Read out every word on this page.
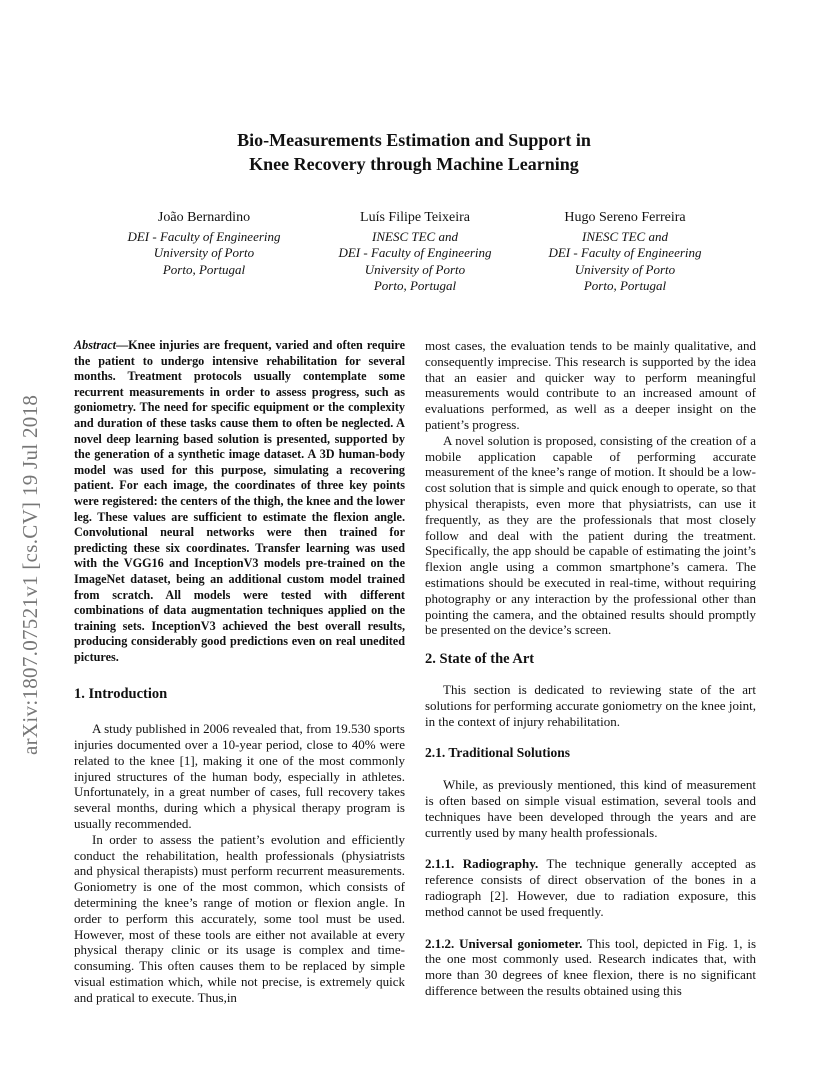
arXiv:1807.07521v1 [cs.CV] 19 Jul 2018
Bio-Measurements Estimation and Support in
Knee Recovery through Machine Learning
João Bernardino
DEI - Faculty of Engineering
University of Porto
Porto, Portugal
Luís Filipe Teixeira
INESC TEC and
DEI - Faculty of Engineering
University of Porto
Porto, Portugal
Hugo Sereno Ferreira
INESC TEC and
DEI - Faculty of Engineering
University of Porto
Porto, Portugal

Abstract—Knee injuries are frequent, varied and often require the patient to undergo intensive rehabilitation for several months. Treatment protocols usually contemplate some recurrent measurements in order to assess progress, such as goniometry. The need for specific equipment or the complexity and duration of these tasks cause them to often be neglected. A novel deep learning based solution is presented, supported by the generation of a synthetic image dataset. A 3D human-body model was used for this purpose, simulating a recovering patient. For each image, the coordinates of three key points were registered: the centers of the thigh, the knee and the lower leg. These values are sufficient to estimate the flexion angle. Convolutional neural networks were then trained for predicting these six coordinates. Transfer learning was used with the VGG16 and InceptionV3 models pre-trained on the ImageNet dataset, being an additional custom model trained from scratch. All models were tested with different combinations of data augmentation techniques applied on the training sets. InceptionV3 achieved the best overall results, producing considerably good predictions even on real unedited pictures.

1. Introduction

A study published in 2006 revealed that, from 19.530 sports injuries documented over a 10-year period, close to 40% were related to the knee [1], making it one of the most commonly injured structures of the human body, especially in athletes. Unfortunately, in a great number of cases, full recovery takes several months, during which a physical therapy program is usually recommended.

In order to assess the patient’s evolution and efficiently conduct the rehabilitation, health professionals (physiatrists and physical therapists) must perform recurrent measurements. Goniometry is one of the most common, which consists of determining the knee’s range of motion or flexion angle. In order to perform this accurately, some tool must be used. However, most of these tools are either not available at every physical therapy clinic or its usage is complex and time-consuming. This often causes them to be replaced by simple visual estimation which, while not precise, is extremely quick and pratical to execute. Thus,in

most cases, the evaluation tends to be mainly qualitative, and consequently imprecise. This research is supported by the idea that an easier and quicker way to perform meaningful measurements would contribute to an increased amount of evaluations performed, as well as a deeper insight on the patient’s progress.

A novel solution is proposed, consisting of the creation of a mobile application capable of performing accurate measurement of the knee’s range of motion. It should be a low-cost solution that is simple and quick enough to operate, so that physical therapists, even more that physiatrists, can use it frequently, as they are the professionals that most closely follow and deal with the patient during the treatment. Specifically, the app should be capable of estimating the joint’s flexion angle using a common smartphone’s camera. The estimations should be executed in real-time, without requiring photography or any interaction by the professional other than pointing the camera, and the obtained results should promptly be presented on the device’s screen.

2. State of the Art

This section is dedicated to reviewing state of the art solutions for performing accurate goniometry on the knee joint, in the context of injury rehabilitation.

2.1. Traditional Solutions

While, as previously mentioned, this kind of measurement is often based on simple visual estimation, several tools and techniques have been developed through the years and are currently used by many health professionals.

2.1.1. Radiography. The technique generally accepted as reference consists of direct observation of the bones in a radiograph [2]. However, due to radiation exposure, this method cannot be used frequently.

2.1.2. Universal goniometer. This tool, depicted in Fig. 1, is the one most commonly used. Research indicates that, with more than 30 degrees of knee flexion, there is no significant difference between the results obtained using this
